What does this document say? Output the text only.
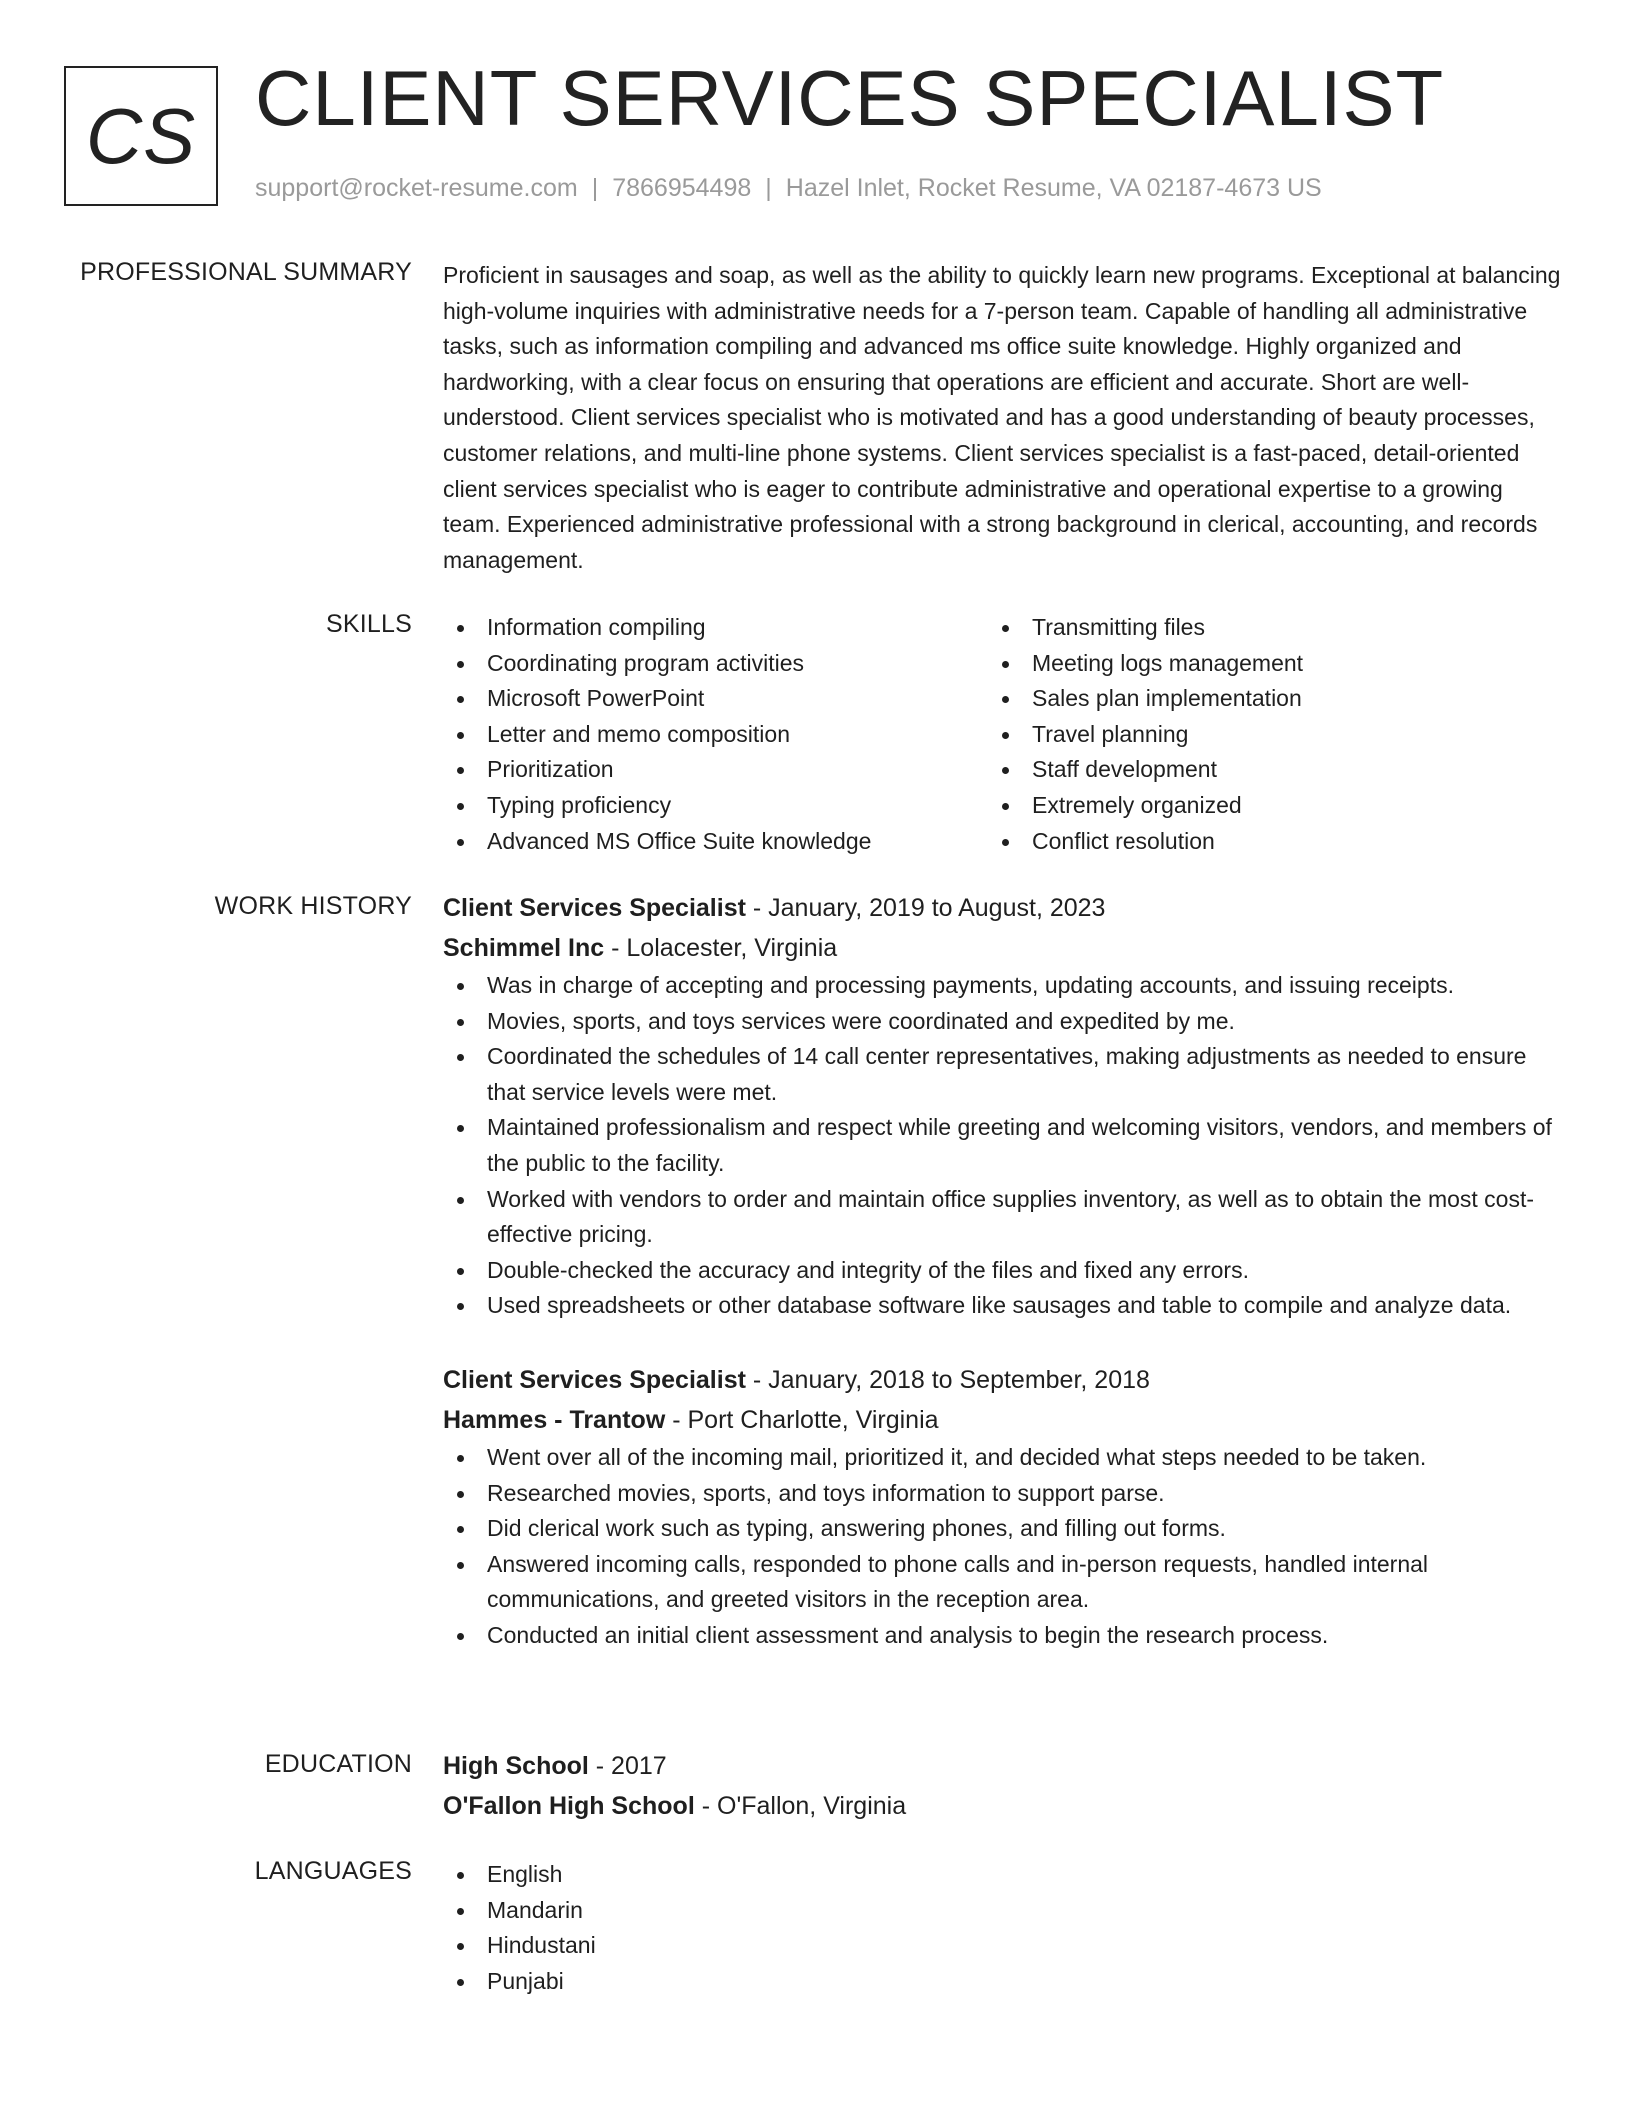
CS CLIENT SERVICES SPECIALIST
support@rocket-resume.com | 7866954498 | Hazel Inlet, Rocket Resume, VA 02187-4673 US
PROFESSIONAL SUMMARY Proficient in sausages and soap, as well as the ability to quickly learn new programs. Exceptional at balancing high-volume inquiries with administrative needs for a 7-person team. Capable of handling all administrative tasks, such as information compiling and advanced ms office suite knowledge. Highly organized and hardworking, with a clear focus on ensuring that operations are efficient and accurate. Short are well-understood. Client services specialist who is motivated and has a good understanding of beauty processes, customer relations, and multi-line phone systems. Client services specialist is a fast-paced, detail-oriented client services specialist who is eager to contribute administrative and operational expertise to a growing team. Experienced administrative professional with a strong background in clerical, accounting, and records management.

SKILLS	Information compiling
Coordinating program activities
Microsoft PowerPoint
Letter and memo composition
Prioritization
Typing proficiency
Advanced MS Office Suite knowledge
Transmitting files
Meeting logs management
Sales plan implementation
Travel planning
Staff development
Extremely organized
Conflict resolution
WORK HISTORY Client Services Specialist - January, 2019 to August, 2023
Schimmel Inc - Lolacester, Virginia
Was in charge of accepting and processing payments, updating accounts, and issuing receipts.
Movies, sports, and toys services were coordinated and expedited by me.
Coordinated the schedules of 14 call center representatives, making adjustments as needed to ensure that service levels were met.
Maintained professionalism and respect while greeting and welcoming visitors, vendors, and members of the public to the facility.
Worked with vendors to order and maintain office supplies inventory, as well as to obtain the most cost-effective pricing.
Double-checked the accuracy and integrity of the files and fixed any errors.
Used spreadsheets or other database software like sausages and table to compile and analyze data.
Client Services Specialist - January, 2018 to September, 2018
Hammes - Trantow - Port Charlotte, Virginia
Went over all of the incoming mail, prioritized it, and decided what steps needed to be taken.
Researched movies, sports, and toys information to support parse.
Did clerical work such as typing, answering phones, and filling out forms.
Answered incoming calls, responded to phone calls and in-person requests, handled internal communications, and greeted visitors in the reception area.
Conducted an initial client assessment and analysis to begin the research process.
EDUCATION High School - 2017
O'Fallon High School - O'Fallon, Virginia
LANGUAGES	English
Mandarin
Hindustani
Punjabi
